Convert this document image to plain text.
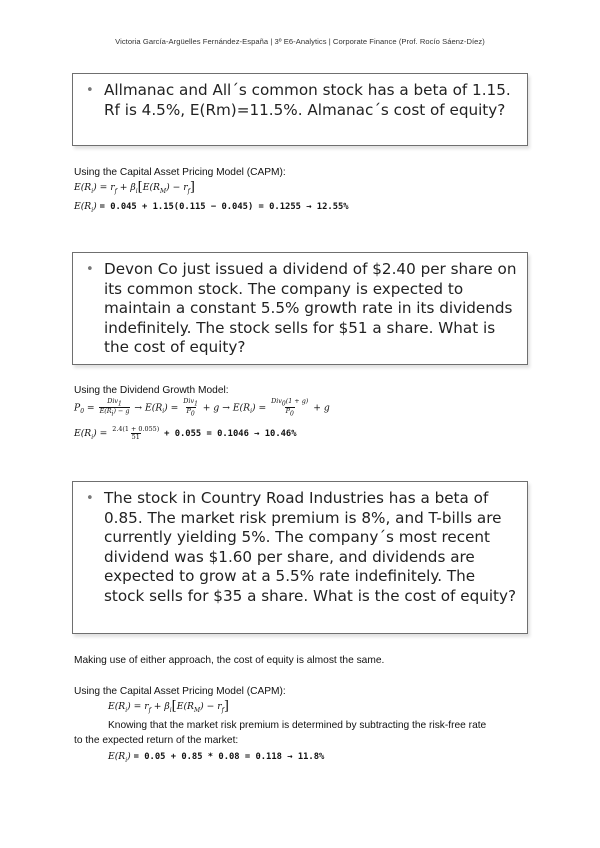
Victoria García-Argüelles Fernández-España | 3º E6-Analytics | Corporate Finance (Prof. Rocío Sáenz-Díez)
• Allmanac and All´s common stock has a beta of 1.15. Rf is 4.5%, E(Rm)=11.5%. Almanac´s cost of equity?
Using the Capital Asset Pricing Model (CAPM):
$E(R_i) = r_f + \beta_i[E(R_M) - r_f]$
$E(R_i) = 0.045 + 1.15(0.115 - 0.045) = 0.1255 \to 12.55\%$
• Devon Co just issued a dividend of $2.40 per share on its common stock. The company is expected to maintain a constant 5.5% growth rate in its dividends indefinitely. The stock sells for $51 a share. What is the cost of equity?
Using the Dividend Growth Model:
$P_0 = \frac{Div_1}{E(R_i) - g} \to E(R_i) = \frac{Div_1}{P_0} + g \to E(R_i) = \frac{Div_0(1 + g)}{P_0} + g$
$E(R_i) = \frac{2.4(1 + 0.055)}{51} + 0.055 = 0.1046 \to 10.46\%$
• The stock in Country Road Industries has a beta of 0.85. The market risk premium is 8%, and T-bills are currently yielding 5%. The company´s most recent dividend was $1.60 per share, and dividends are expected to grow at a 5.5% rate indefinitely. The stock sells for $35 a share. What is the cost of equity?
Making use of either approach, the cost of equity is almost the same.
Using the Capital Asset Pricing Model (CAPM):
$E(R_i) = r_f + \beta_i[E(R_M) - r_f]$
Knowing that the market risk premium is determined by subtracting the risk-free rate
to the expected return of the market:
$E(R_i) = 0.05 + 0.85 * 0.08 = 0.118 \to 11.8\%$
